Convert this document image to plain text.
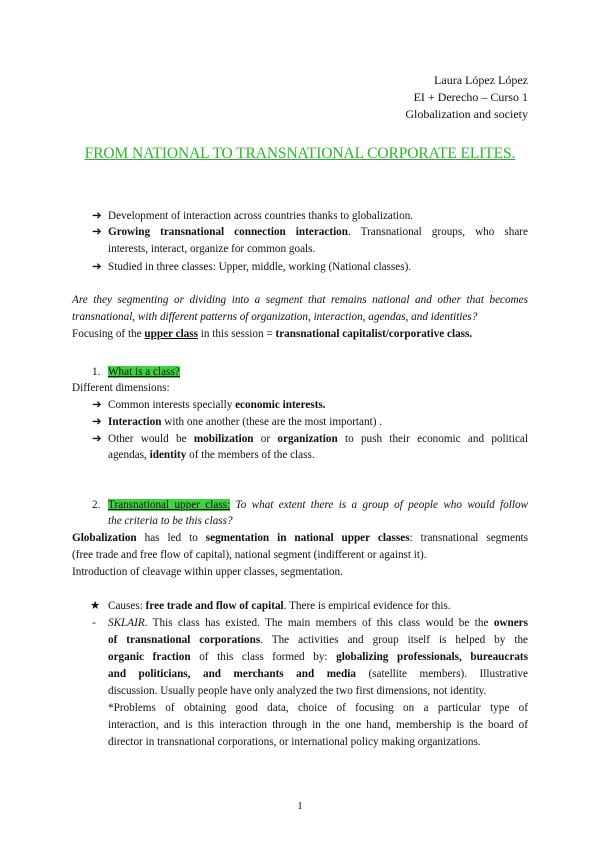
Laura López López
EI + Derecho – Curso 1
Globalization and society
FROM NATIONAL TO TRANSNATIONAL CORPORATE ELITES.
➔ Development of interaction across countries thanks to globalization.
➔ Growing transnational connection interaction. Transnational groups, who share
interests, interact, organize for common goals.
➔ Studied in three classes: Upper, middle, working (National classes).
Are they segmenting or dividing into a segment that remains national and other that becomes
transnational, with different patterns of organization, interaction, agendas, and identities?
Focusing of the upper class in this session = transnational capitalist/corporative class.
1. What is a class?
Different dimensions:
➔ Common interests specially economic interests.
➔ Interaction with one another (these are the most important) .
➔ Other would be mobilization or organization to push their economic and political
agendas, identity of the members of the class.
2. Transnational upper class: To what extent there is a group of people who would follow
the criteria to be this class?
Globalization has led to segmentation in national upper classes: transnational segments
(free trade and free flow of capital), national segment (indifferent or against it).
Introduction of cleavage within upper classes, segmentation.
★ Causes: free trade and flow of capital. There is empirical evidence for this.
- SKLAIR. This class has existed. The main members of this class would be the owners
of transnational corporations. The activities and group itself is helped by the
organic fraction of this class formed by: globalizing professionals, bureaucrats
and politicians, and merchants and media (satellite members). Illustrative
discussion. Usually people have only analyzed the two first dimensions, not identity.
*Problems of obtaining good data, choice of focusing on a particular type of
interaction, and is this interaction through in the one hand, membership is the board of
director in transnational corporations, or international policy making organizations.
1
